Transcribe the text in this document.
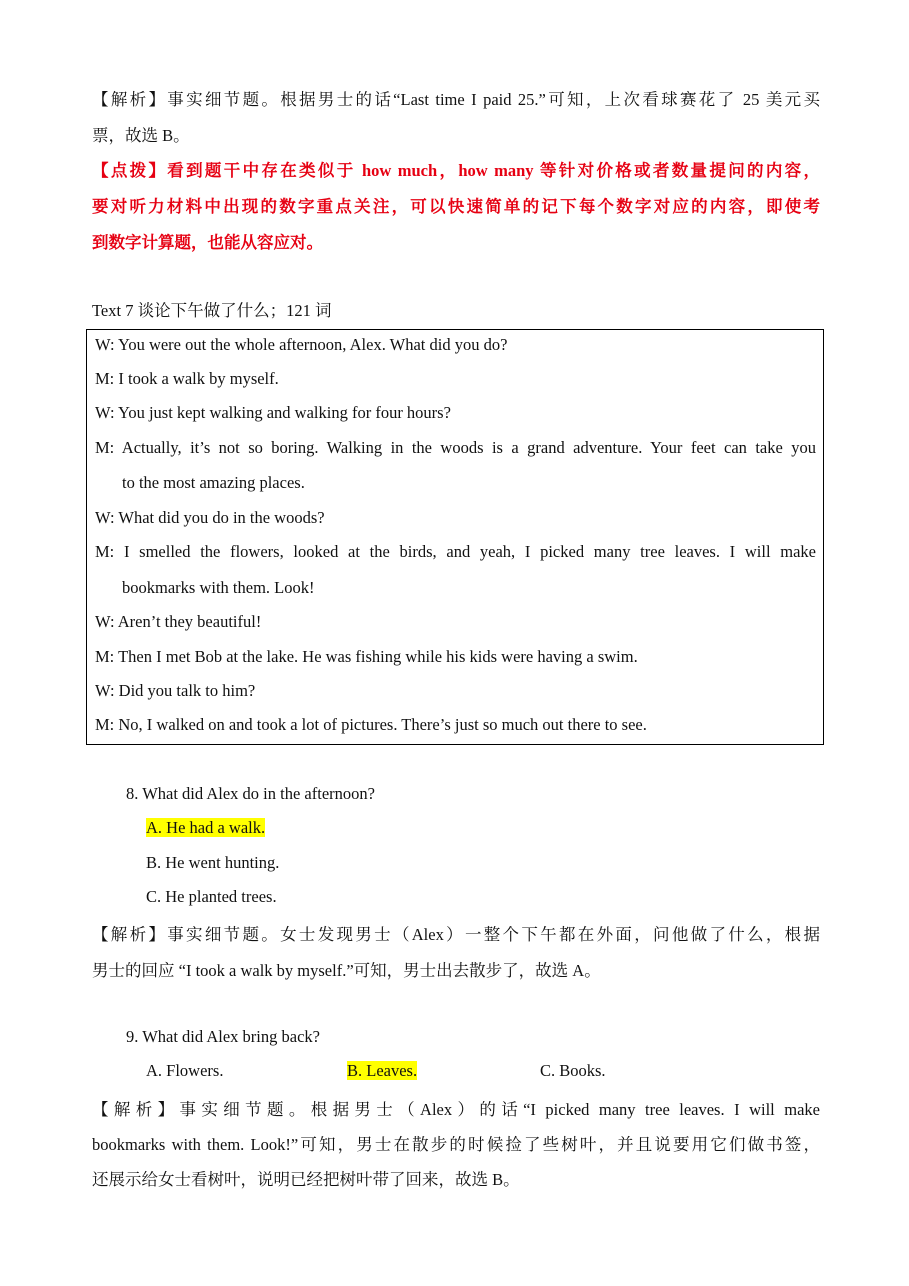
【解析】事实细节题。根据男士的话“Last time I paid 25.”可知，上次看球赛花了 25 美元买
票，故选 B。
【点拨】看到题干中存在类似于 how much，how many 等针对价格或者数量提问的内容，
要对听力材料中出现的数字重点关注，可以快速简单的记下每个数字对应的内容，即使考
到数字计算题，也能从容应对。
Text 7 谈论下午做了什么；121 词
W: You were out the whole afternoon, Alex. What did you do?
M: I took a walk by myself.
W: You just kept walking and walking for four hours?
M: Actually, it’s not so boring. Walking in the woods is a grand adventure. Your feet can take you
to the most amazing places.
W: What did you do in the woods?
M: I smelled the flowers, looked at the birds, and yeah, I picked many tree leaves. I will make
bookmarks with them. Look!
W: Aren’t they beautiful!
M: Then I met Bob at the lake. He was fishing while his kids were having a swim.
W: Did you talk to him?
M: No, I walked on and took a lot of pictures. There’s just so much out there to see.
8. What did Alex do in the afternoon?
A. He had a walk.
B. He went hunting.
C. He planted trees.
【解析】事实细节题。女士发现男士（Alex）一整个下午都在外面，问他做了什么，根据
男士的回应 “I took a walk by myself.”可知，男士出去散步了，故选 A。
9. What did Alex bring back?
A. Flowers.	B. Leaves.	C. Books.
【解析】事实细节题。根据男士（Alex）的话“I picked many tree leaves. I will make
bookmarks with them. Look!”可知，男士在散步的时候捡了些树叶，并且说要用它们做书签，
还展示给女士看树叶，说明已经把树叶带了回来，故选 B。
